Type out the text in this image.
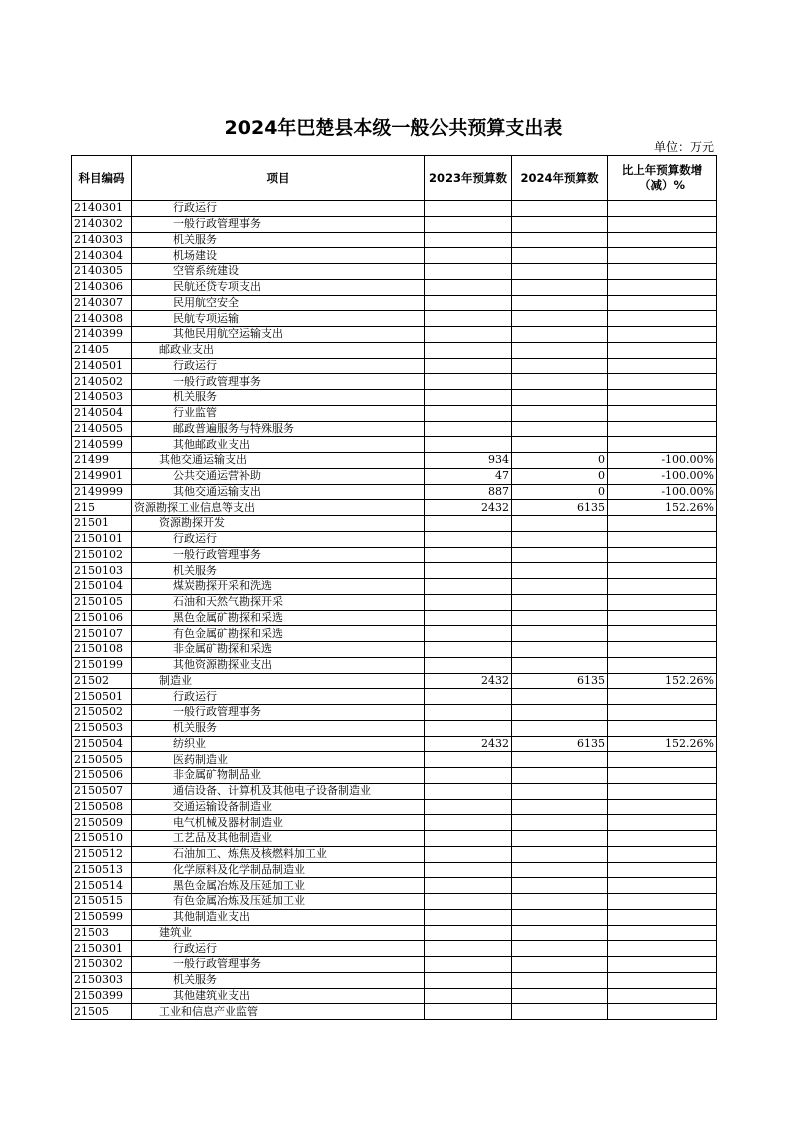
2024年巴楚县本级一般公共预算支出表
单位：万元
科目编码	项目	2023年预算数	2024年预算数	比上年预算数增（减）%
2140301	行政运行			
2140302	一般行政管理事务			
2140303	机关服务			
2140304	机场建设			
2140305	空管系统建设			
2140306	民航还贷专项支出			
2140307	民用航空安全			
2140308	民航专项运输			
2140399	其他民用航空运输支出			
21405	邮政业支出			
2140501	行政运行			
2140502	一般行政管理事务			
2140503	机关服务			
2140504	行业监管			
2140505	邮政普遍服务与特殊服务			
2140599	其他邮政业支出			
21499	其他交通运输支出	934	0	-100.00%
2149901	公共交通运营补助	47	0	-100.00%
2149999	其他交通运输支出	887	0	-100.00%
215	资源勘探工业信息等支出	2432	6135	152.26%
21501	资源勘探开发			
2150101	行政运行			
2150102	一般行政管理事务			
2150103	机关服务			
2150104	煤炭勘探开采和洗选			
2150105	石油和天然气勘探开采			
2150106	黑色金属矿勘探和采选			
2150107	有色金属矿勘探和采选			
2150108	非金属矿勘探和采选			
2150199	其他资源勘探业支出			
21502	制造业	2432	6135	152.26%
2150501	行政运行			
2150502	一般行政管理事务			
2150503	机关服务			
2150504	纺织业	2432	6135	152.26%
2150505	医药制造业			
2150506	非金属矿物制品业			
2150507	通信设备、计算机及其他电子设备制造业			
2150508	交通运输设备制造业			
2150509	电气机械及器材制造业			
2150510	工艺品及其他制造业			
2150512	石油加工、炼焦及核燃料加工业			
2150513	化学原料及化学制品制造业			
2150514	黑色金属冶炼及压延加工业			
2150515	有色金属冶炼及压延加工业			
2150599	其他制造业支出			
21503	建筑业			
2150301	行政运行			
2150302	一般行政管理事务			
2150303	机关服务			
2150399	其他建筑业支出			
21505	工业和信息产业监管			
